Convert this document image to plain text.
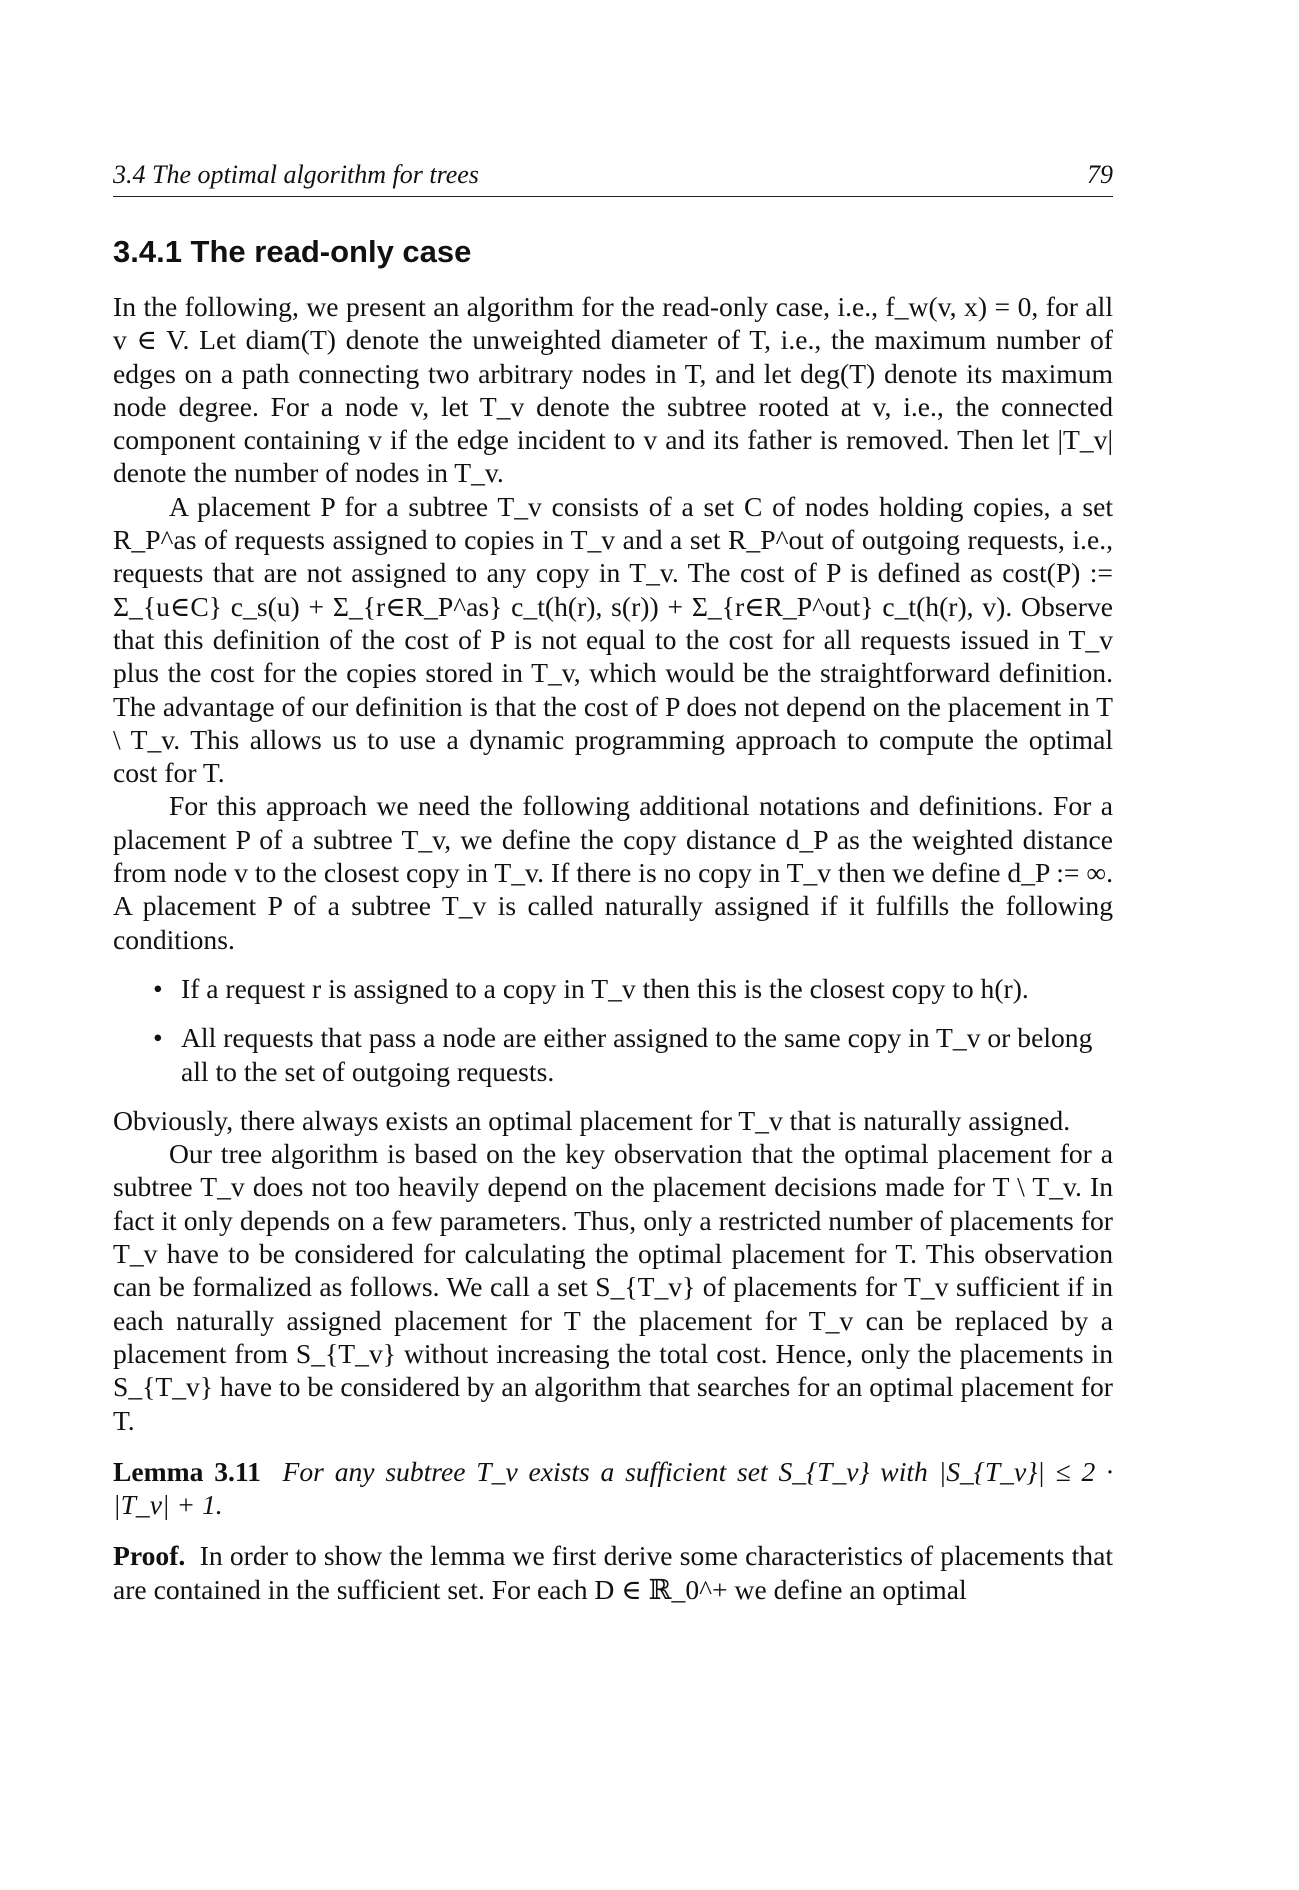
3.4 The optimal algorithm for trees	79
3.4.1 The read-only case

In the following, we present an algorithm for the read-only case, i.e., f_w(v, x) = 0, for all v ∈ V. Let diam(T) denote the unweighted diameter of T, i.e., the maximum number of edges on a path connecting two arbitrary nodes in T, and let deg(T) denote its maximum node degree. For a node v, let T_v denote the subtree rooted at v, i.e., the connected component containing v if the edge incident to v and its father is removed. Then let |T_v| denote the number of nodes in T_v.

A placement P for a subtree T_v consists of a set C of nodes holding copies, a set R_P^as of requests assigned to copies in T_v and a set R_P^out of outgoing requests, i.e., requests that are not assigned to any copy in T_v. The cost of P is defined as cost(P) := Σ_{u∈C} c_s(u) + Σ_{r∈R_P^as} c_t(h(r), s(r)) + Σ_{r∈R_P^out} c_t(h(r), v). Observe that this definition of the cost of P is not equal to the cost for all requests issued in T_v plus the cost for the copies stored in T_v, which would be the straightforward definition. The advantage of our definition is that the cost of P does not depend on the placement in T \ T_v. This allows us to use a dynamic programming approach to compute the optimal cost for T.

For this approach we need the following additional notations and definitions. For a placement P of a subtree T_v, we define the copy distance d_P as the weighted distance from node v to the closest copy in T_v. If there is no copy in T_v then we define d_P := ∞. A placement P of a subtree T_v is called naturally assigned if it fulfills the following conditions.

• If a request r is assigned to a copy in T_v then this is the closest copy to h(r).
• All requests that pass a node are either assigned to the same copy in T_v or belong all to the set of outgoing requests.

Obviously, there always exists an optimal placement for T_v that is naturally assigned.

Our tree algorithm is based on the key observation that the optimal placement for a subtree T_v does not too heavily depend on the placement decisions made for T \ T_v. In fact it only depends on a few parameters. Thus, only a restricted number of placements for T_v have to be considered for calculating the optimal placement for T. This observation can be formalized as follows. We call a set S_{T_v} of placements for T_v sufficient if in each naturally assigned placement for T the placement for T_v can be replaced by a placement from S_{T_v} without increasing the total cost. Hence, only the placements in S_{T_v} have to be considered by an algorithm that searches for an optimal placement for T.

Lemma 3.11 For any subtree T_v exists a sufficient set S_{T_v} with |S_{T_v}| ≤ 2 · |T_v| + 1.

Proof. In order to show the lemma we first derive some characteristics of placements that are contained in the sufficient set. For each D ∈ ℝ_0^+ we define an optimal
